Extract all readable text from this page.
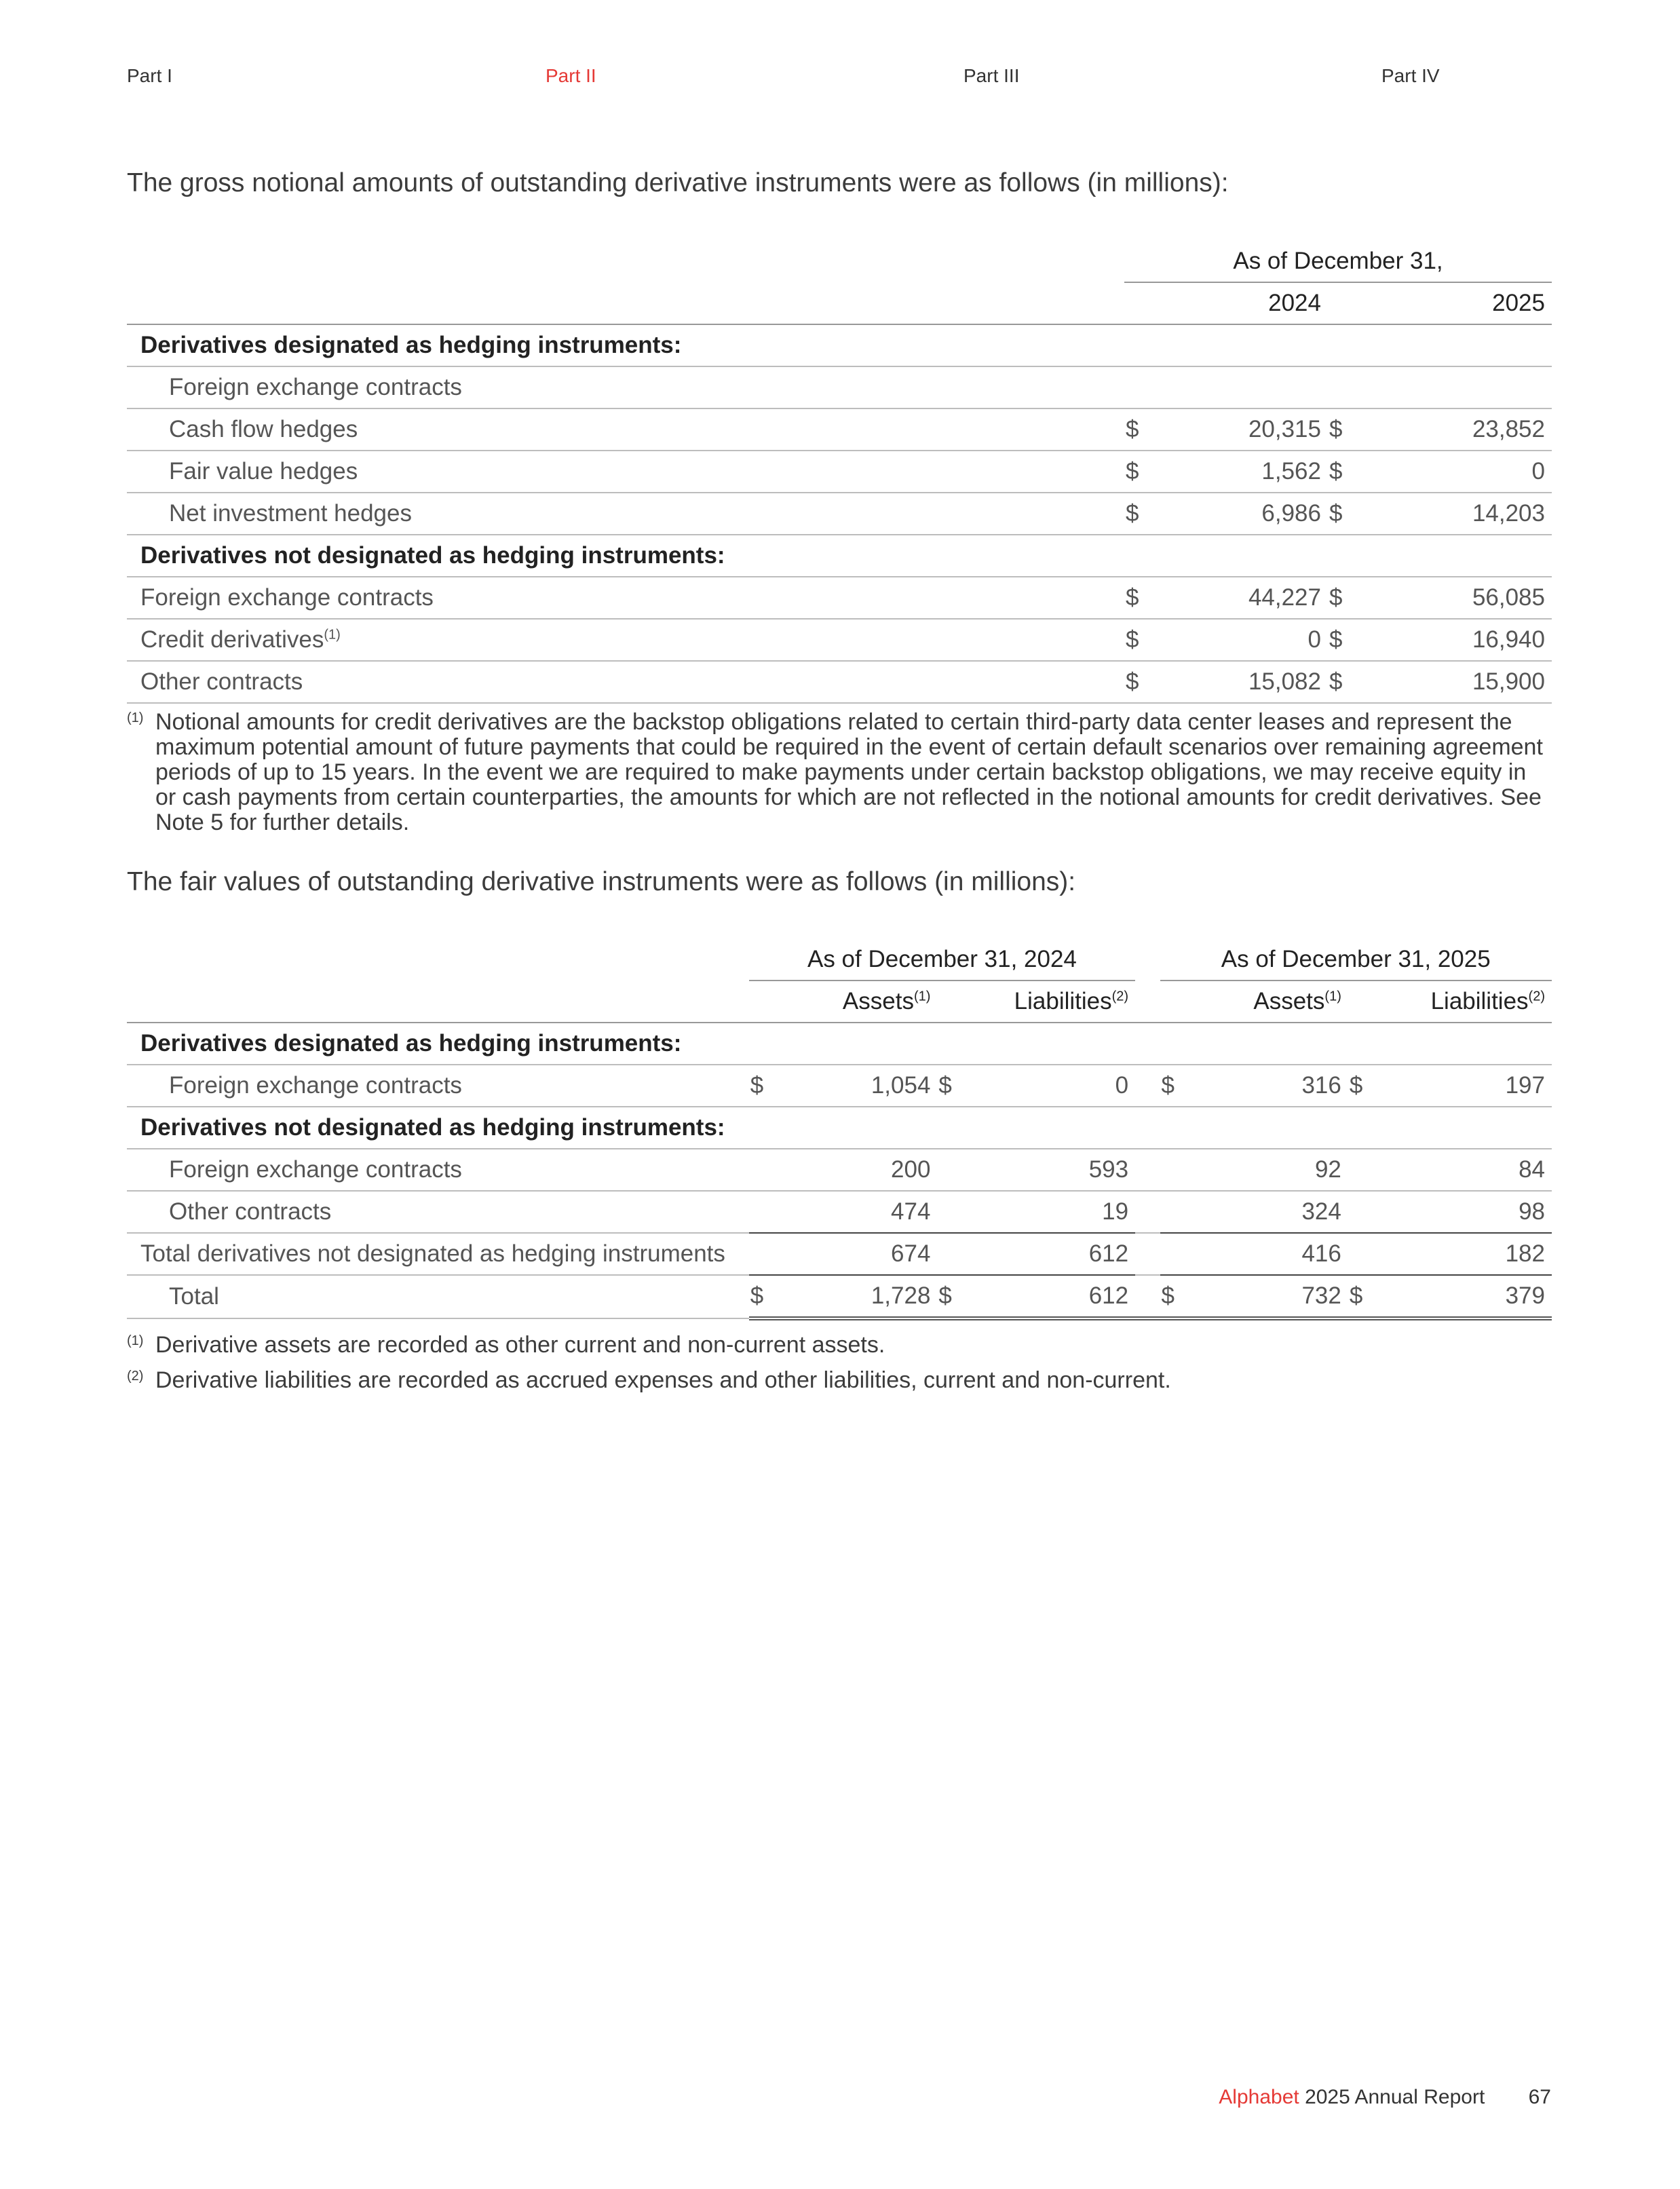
Part I	Part II	Part III	Part IV
The gross notional amounts of outstanding derivative instruments were as follows (in millions):
	As of December 31,			
	2024		2025	
Derivatives designated as hedging instruments:				
Foreign exchange contracts				
Cash flow hedges	$	20,315	$	23,852
Fair value hedges	$	1,562	$	0
Net investment hedges	$	6,986	$	14,203
Derivatives not designated as hedging instruments:				
Foreign exchange contracts	$	44,227	$	56,085
Credit derivatives$^{(1)}$	$	0	$	16,940
Other contracts	$	15,082	$	15,900
(1) Notional amounts for credit derivatives are the backstop obligations related to certain third-party data center leases and represent the maximum potential amount of future payments that could be required in the event of certain default scenarios over remaining agreement periods of up to 15 years. In the event we are required to make payments under certain backstop obligations, we may receive equity in or cash payments from certain counterparties, the amounts for which are not reflected in the notional amounts for credit derivatives. See Note 5 for further details.
The fair values of outstanding derivative instruments were as follows (in millions):
	As of December 31, 2024					As of December 31, 2025			
	Assets$^{(1)}$		Liabilities$^{(2)}$			Assets$^{(1)}$		Liabilities$^{(2)}$
Derivatives designated as hedging instruments:									
Foreign exchange contracts	$	1,054	$	0		$	316	$	197
Derivatives not designated as hedging instruments:									
Foreign exchange contracts		200		593			92		84
Other contracts		474		19			324		98
Total derivatives not designated as hedging instruments		674		612			416		182
Total	$	1,728	$	612		$	732	$	379
(1) Derivative assets are recorded as other current and non-current assets.
(2) Derivative liabilities are recorded as accrued expenses and other liabilities, current and non-current.
Alphabet 2025 Annual Report 67
